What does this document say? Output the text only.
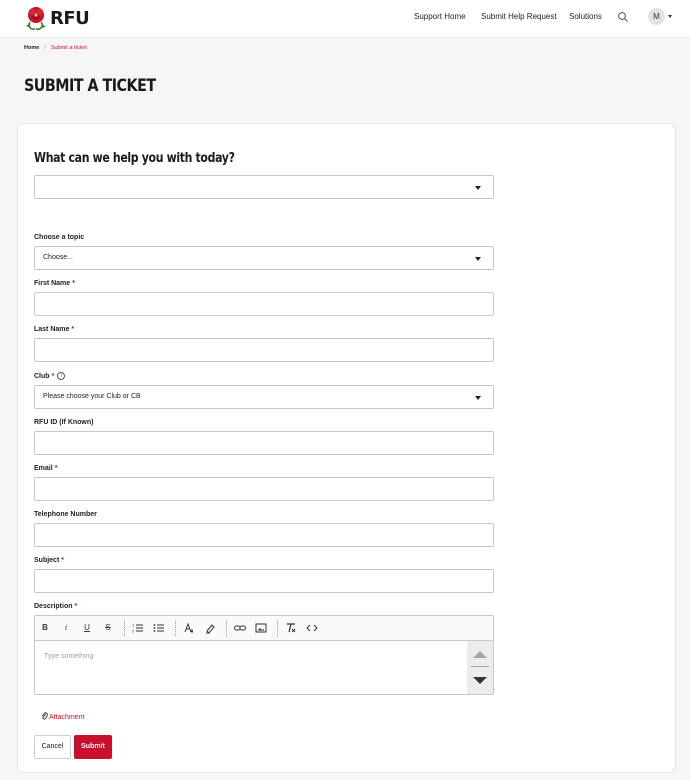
RFU	Support Home Submit Help Request Solutions	M
Home / Submit a ticket
SUBMIT A TICKET
What can we help you with today?
Choose a topic
Choose...
First Name *
Last Name *
Club * i
Please choose your Club or CB
RFU ID (If Known)
Email *
Telephone Number
Subject *
Description *
B	i	U	S	1
2
Type something
Attachment
Cancel	Submit
